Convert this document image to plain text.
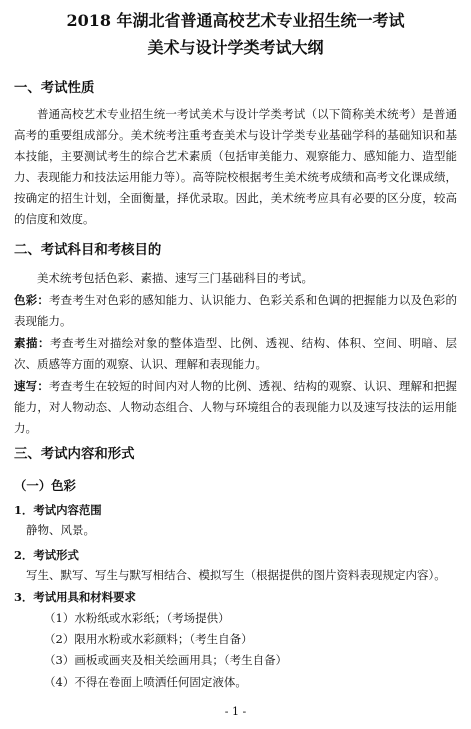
2018 年湖北省普通高校艺术专业招生统一考试
美术与设计学类考试大纲
一、考试性质
普通高校艺术专业招生统一考试美术与设计学类考试（以下简称美术统考）是普通高考的重要组成部分。美术统考注重考查美术与设计学类专业基础学科的基础知识和基本技能，主要测试考生的综合艺术素质（包括审美能力、观察能力、感知能力、造型能力、表现能力和技法运用能力等）。高等院校根据考生美术统考成绩和高考文化课成绩，按确定的招生计划，全面衡量，择优录取。因此，美术统考应具有必要的区分度，较高的信度和效度。
二、考试科目和考核目的
美术统考包括色彩、素描、速写三门基础科目的考试。
色彩：考查考生对色彩的感知能力、认识能力、色彩关系和色调的把握能力以及色彩的表现能力。
素描：考查考生对描绘对象的整体造型、比例、透视、结构、体积、空间、明暗、层次、质感等方面的观察、认识、理解和表现能力。
速写：考查考生在较短的时间内对人物的比例、透视、结构的观察、认识、理解和把握能力，对人物动态、人物动态组合、人物与环境组合的表现能力以及速写技法的运用能力。
三、考试内容和形式
（一）色彩
1．考试内容范围
静物、风景。
2．考试形式
写生、默写、写生与默写相结合、模拟写生（根据提供的图片资料表现规定内容）。
3．考试用具和材料要求
（1）水粉纸或水彩纸；（考场提供）
（2）限用水粉或水彩颜料；（考生自备）
（3）画板或画夹及相关绘画用具；（考生自备）
（4）不得在卷面上喷洒任何固定液体。
- 1 -
